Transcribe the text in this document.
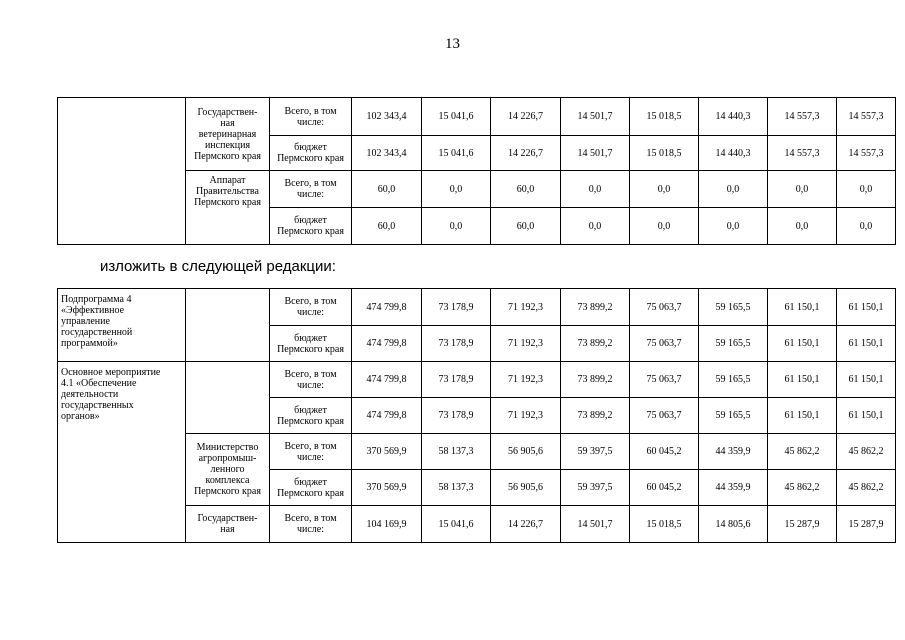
13
	Государствен-
ная
ветеринарная
инспекция
Пермского края	Всего, в том
числе:	102 343,4	15 041,6	14 226,7	14 501,7	15 018,5	14 440,3	14 557,3	14 557,3
		бюджет
Пермского края	102 343,4	15 041,6	14 226,7	14 501,7	15 018,5	14 440,3	14 557,3	14 557,3
	Аппарат
Правительства
Пермского края	Всего, в том
числе:	60,0	0,0	60,0	0,0	0,0	0,0	0,0	0,0
		бюджет
Пермского края	60,0	0,0	60,0	0,0	0,0	0,0	0,0	0,0
изложить в следующей редакции:
Подпрограмма 4
«Эффективное
управление
государственной
программой»		Всего, в том
числе:	474 799,8	73 178,9	71 192,3	73 899,2	75 063,7	59 165,5	61 150,1	61 150,1
		бюджет
Пермского края	474 799,8	73 178,9	71 192,3	73 899,2	75 063,7	59 165,5	61 150,1	61 150,1
Основное мероприятие
4.1 «Обеспечение
деятельности
государственных
органов»		Всего, в том
числе:	474 799,8	73 178,9	71 192,3	73 899,2	75 063,7	59 165,5	61 150,1	61 150,1
		бюджет
Пермского края	474 799,8	73 178,9	71 192,3	73 899,2	75 063,7	59 165,5	61 150,1	61 150,1
	Министерство
агропромыш-
ленного
комплекса
Пермского края	Всего, в том
числе:	370 569,9	58 137,3	56 905,6	59 397,5	60 045,2	44 359,9	45 862,2	45 862,2
		бюджет
Пермского края	370 569,9	58 137,3	56 905,6	59 397,5	60 045,2	44 359,9	45 862,2	45 862,2
	Государствен-
ная	Всего, в том
числе:	104 169,9	15 041,6	14 226,7	14 501,7	15 018,5	14 805,6	15 287,9	15 287,9
